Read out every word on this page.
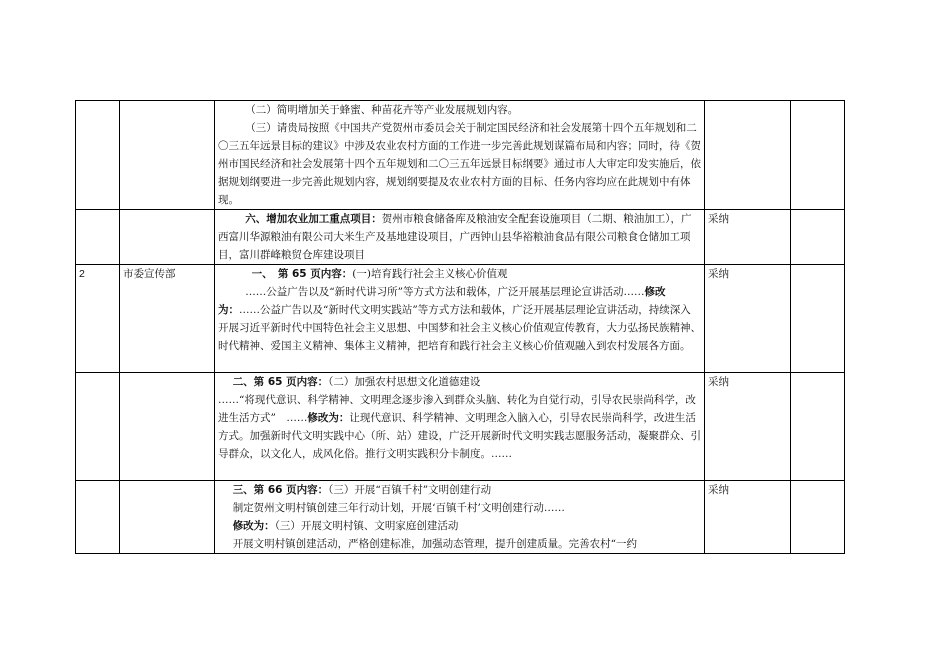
		（二）简明增加关于蜂蜜、种苗花卉等产业发展规划内容。

（三）请贵局按照《中国共产党贺州市委员会关于制定国民经济和社会发展第十四个五年规划和二〇三五年远景目标的建议》中涉及农业农村方面的工作进一步完善此规划谋篇布局和内容；同时，待《贺州市国民经济和社会发展第十四个五年规划和二〇三五年远景目标纲要》通过市人大审定印发实施后，依据规划纲要进一步完善此规划内容，规划纲要提及农业农村方面的目标、任务内容均应在此规划中有体现。		

		六、增加农业加工重点项目：贺州市粮食储备库及粮油安全配套设施项目（二期、粮油加工），广西富川华源粮油有限公司大米生产及基地建设项目，广西钟山县华裕粮油食品有限公司粮食仓储加工项目，富川群峰粮贸仓库建设项目	采纳	
2	市委宣传部	一、　第 65 页内容：(一)培育践行社会主义核心价值观

……公益广告以及“新时代讲习所”等方式方法和载体，广泛开展基层理论宣讲活动……修改为：……公益广告以及“新时代文明实践站”等方式方法和载体，广泛开展基层理论宣讲活动，持续深入开展习近平新时代中国特色社会主义思想、中国梦和社会主义核心价值观宣传教育，大力弘扬民族精神、时代精神、爱国主义精神、集体主义精神，把培育和践行社会主义核心价值观融入到农村发展各方面。	采纳	

		二、第 65 页内容：（二）加强农村思想文化道德建设

……“将现代意识、科学精神、文明理念逐步渗入到群众头脑、转化为自觉行动，引导农民崇尚科学，改进生活方式”　……修改为：让现代意识、科学精神、文明理念入脑入心，引导农民崇尚科学，改进生活方式。加强新时代文明实践中心（所、站）建设，广泛开展新时代文明实践志愿服务活动，凝聚群众、引导群众，以文化人，成风化俗。推行文明实践积分卡制度。……	采纳	

		三、第 66 页内容：（三）开展“百镇千村”文明创建行动

制定贺州文明村镇创建三年行动计划，开展‘百镇千村’文明创建行动……

修改为：（三）开展文明村镇、文明家庭创建活动

开展文明村镇创建活动，严格创建标准，加强动态管理，提升创建质量。完善农村“一约	采纳	
